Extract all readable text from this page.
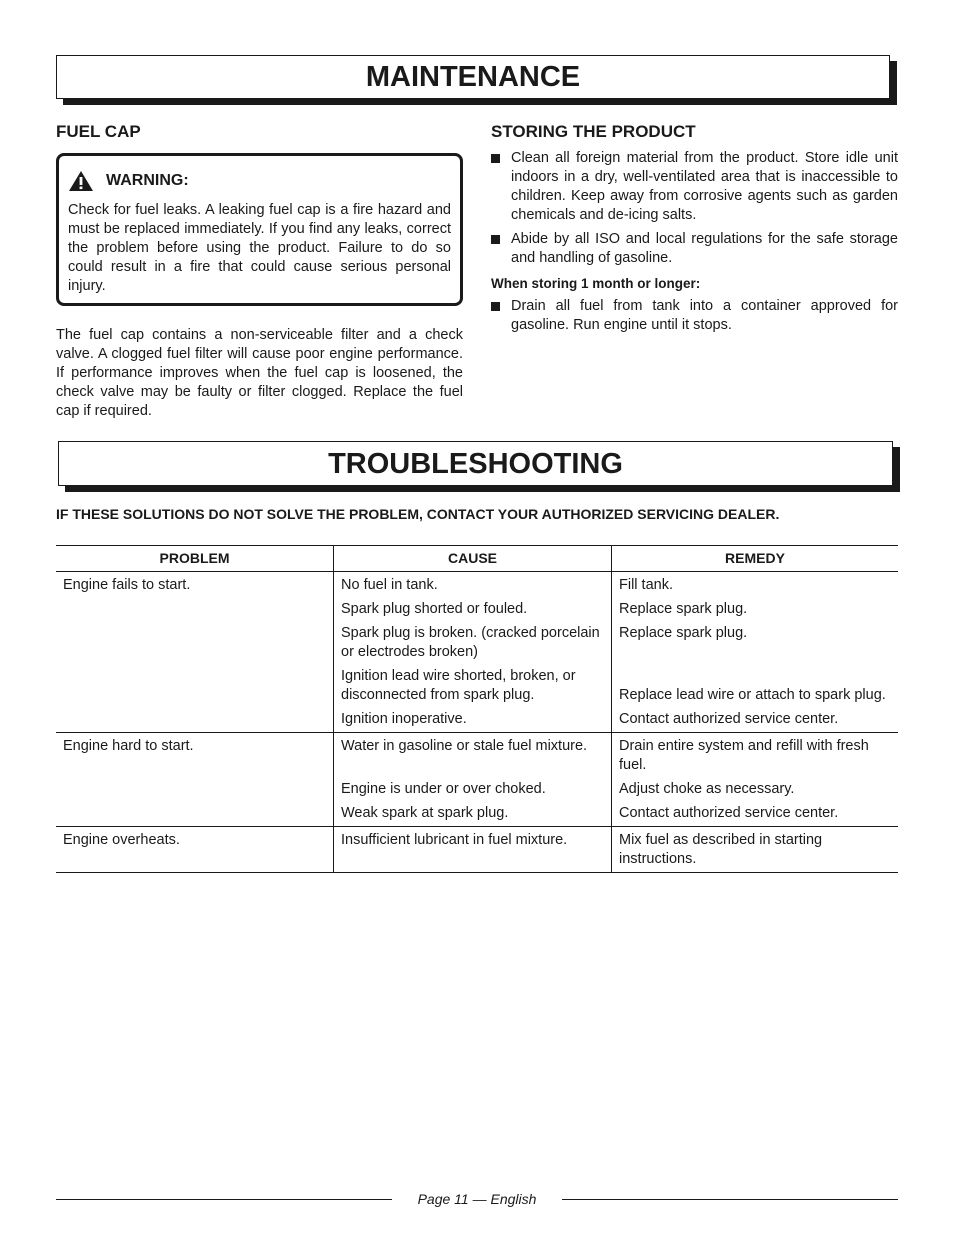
MAINTENANCE
FUEL CAP
WARNING:

Check for fuel leaks. A leaking fuel cap is a fire hazard and must be replaced immediately. If you find any leaks, correct the problem before using the product. Failure to do so could result in a fire that could cause serious personal injury.

The fuel cap contains a non-serviceable filter and a check valve. A clogged fuel filter will cause poor engine performance. If performance improves when the fuel cap is loosened, the check valve may be faulty or filter clogged. Replace the fuel cap if required.

STORING THE PRODUCT
Clean all foreign material from the product. Store idle unit indoors in a dry, well-ventilated area that is inaccessible to children. Keep away from corrosive agents such as garden chemicals and de-icing salts.
Abide by all ISO and local regulations for the safe storage and handling of gasoline.
When storing 1 month or longer:
Drain all fuel from tank into a container approved for gasoline. Run engine until it stops.
TROUBLESHOOTING
IF THESE SOLUTIONS DO NOT SOLVE THE PROBLEM, CONTACT YOUR AUTHORIZED SERVICING DEALER.
PROBLEM	CAUSE	REMEDY
Engine fails to start.	No fuel in tank.	Fill tank.
	Spark plug shorted or fouled.	Replace spark plug.
	Spark plug is broken. (cracked porcelain or electrodes broken)	Replace spark plug.
	Ignition lead wire shorted, broken, or disconnected from spark plug.	Replace lead wire or attach to spark plug.
	Ignition inoperative.	Contact authorized service center.
Engine hard to start.	Water in gasoline or stale fuel mixture.	Drain entire system and refill with fresh fuel.
	Engine is under or over choked.	Adjust choke as necessary.
	Weak spark at spark plug.	Contact authorized service center.
Engine overheats.	Insufficient lubricant in fuel mixture.	Mix fuel as described in starting instructions.
Page 11 — English
